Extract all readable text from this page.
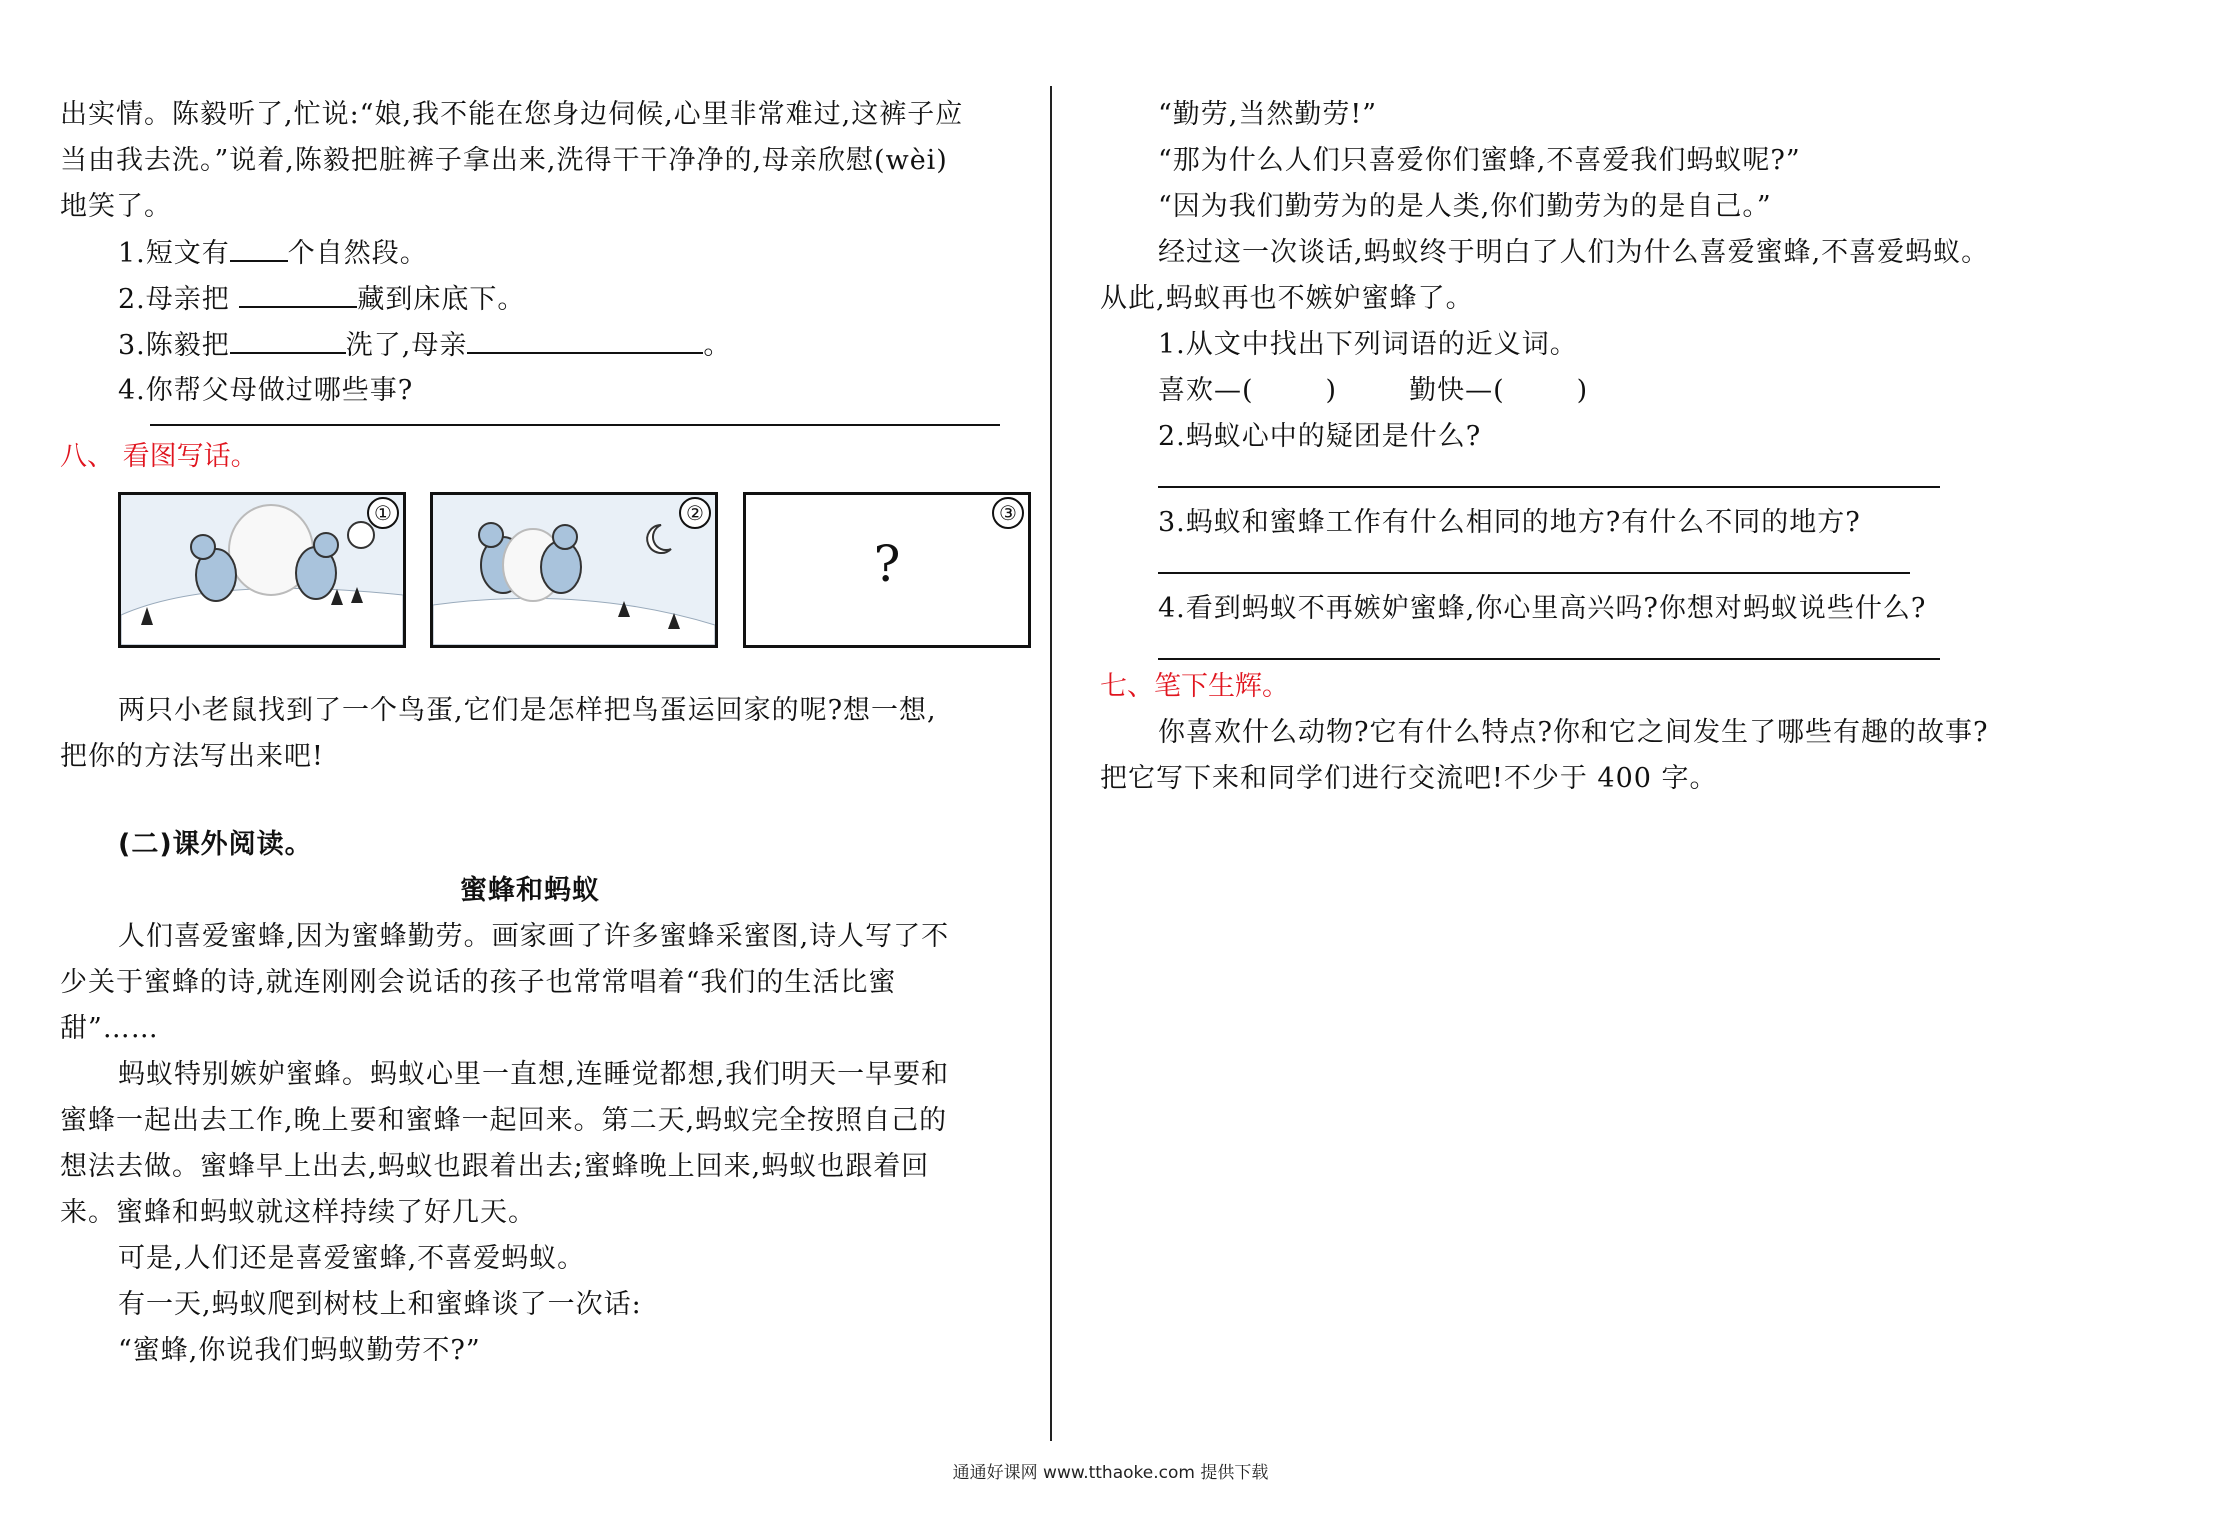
出实情。陈毅听了,忙说:“娘,我不能在您身边伺候,心里非常难过,这裤子应
当由我去洗。”说着,陈毅把脏裤子拿出来,洗得干干净净的,母亲欣慰(wèi)
地笑了。
1.短文有 个自然段。
2.母亲把	藏到床底下。
3.陈毅把	洗了,母亲	。
4.你帮父母做过哪些事?
八、 看图写话。
①	②
?
③
两只小老鼠找到了一个鸟蛋,它们是怎样把鸟蛋运回家的呢?想一想,
把你的方法写出来吧!
(二)课外阅读。
蜜蜂和蚂蚁
人们喜爱蜜蜂,因为蜜蜂勤劳。画家画了许多蜜蜂采蜜图,诗人写了不
少关于蜜蜂的诗,就连刚刚会说话的孩子也常常唱着“我们的生活比蜜
甜”……
蚂蚁特别嫉妒蜜蜂。蚂蚁心里一直想,连睡觉都想,我们明天一早要和
蜜蜂一起出去工作,晚上要和蜜蜂一起回来。第二天,蚂蚁完全按照自己的
想法去做。蜜蜂早上出去,蚂蚁也跟着出去;蜜蜂晚上回来,蚂蚁也跟着回
来。蜜蜂和蚂蚁就这样持续了好几天。
可是,人们还是喜爱蜜蜂,不喜爱蚂蚁。
有一天,蚂蚁爬到树枝上和蜜蜂谈了一次话:
“蜜蜂,你说我们蚂蚁勤劳不?”
“勤劳,当然勤劳!”
“那为什么人们只喜爱你们蜜蜂,不喜爱我们蚂蚁呢?”
“因为我们勤劳为的是人类,你们勤劳为的是自己。”
经过这一次谈话,蚂蚁终于明白了人们为什么喜爱蜜蜂,不喜爱蚂蚁。
从此,蚂蚁再也不嫉妒蜜蜂了。
1.从文中找出下列词语的近义词。
喜欢—(	)	勤快—(	)
2.蚂蚁心中的疑团是什么?
3.蚂蚁和蜜蜂工作有什么相同的地方?有什么不同的地方?
4.看到蚂蚁不再嫉妒蜜蜂,你心里高兴吗?你想对蚂蚁说些什么?
七、笔下生辉。
你喜欢什么动物?它有什么特点?你和它之间发生了哪些有趣的故事?
把它写下来和同学们进行交流吧!不少于 400 字。
通通好课网 www.tthaoke.com 提供下载
